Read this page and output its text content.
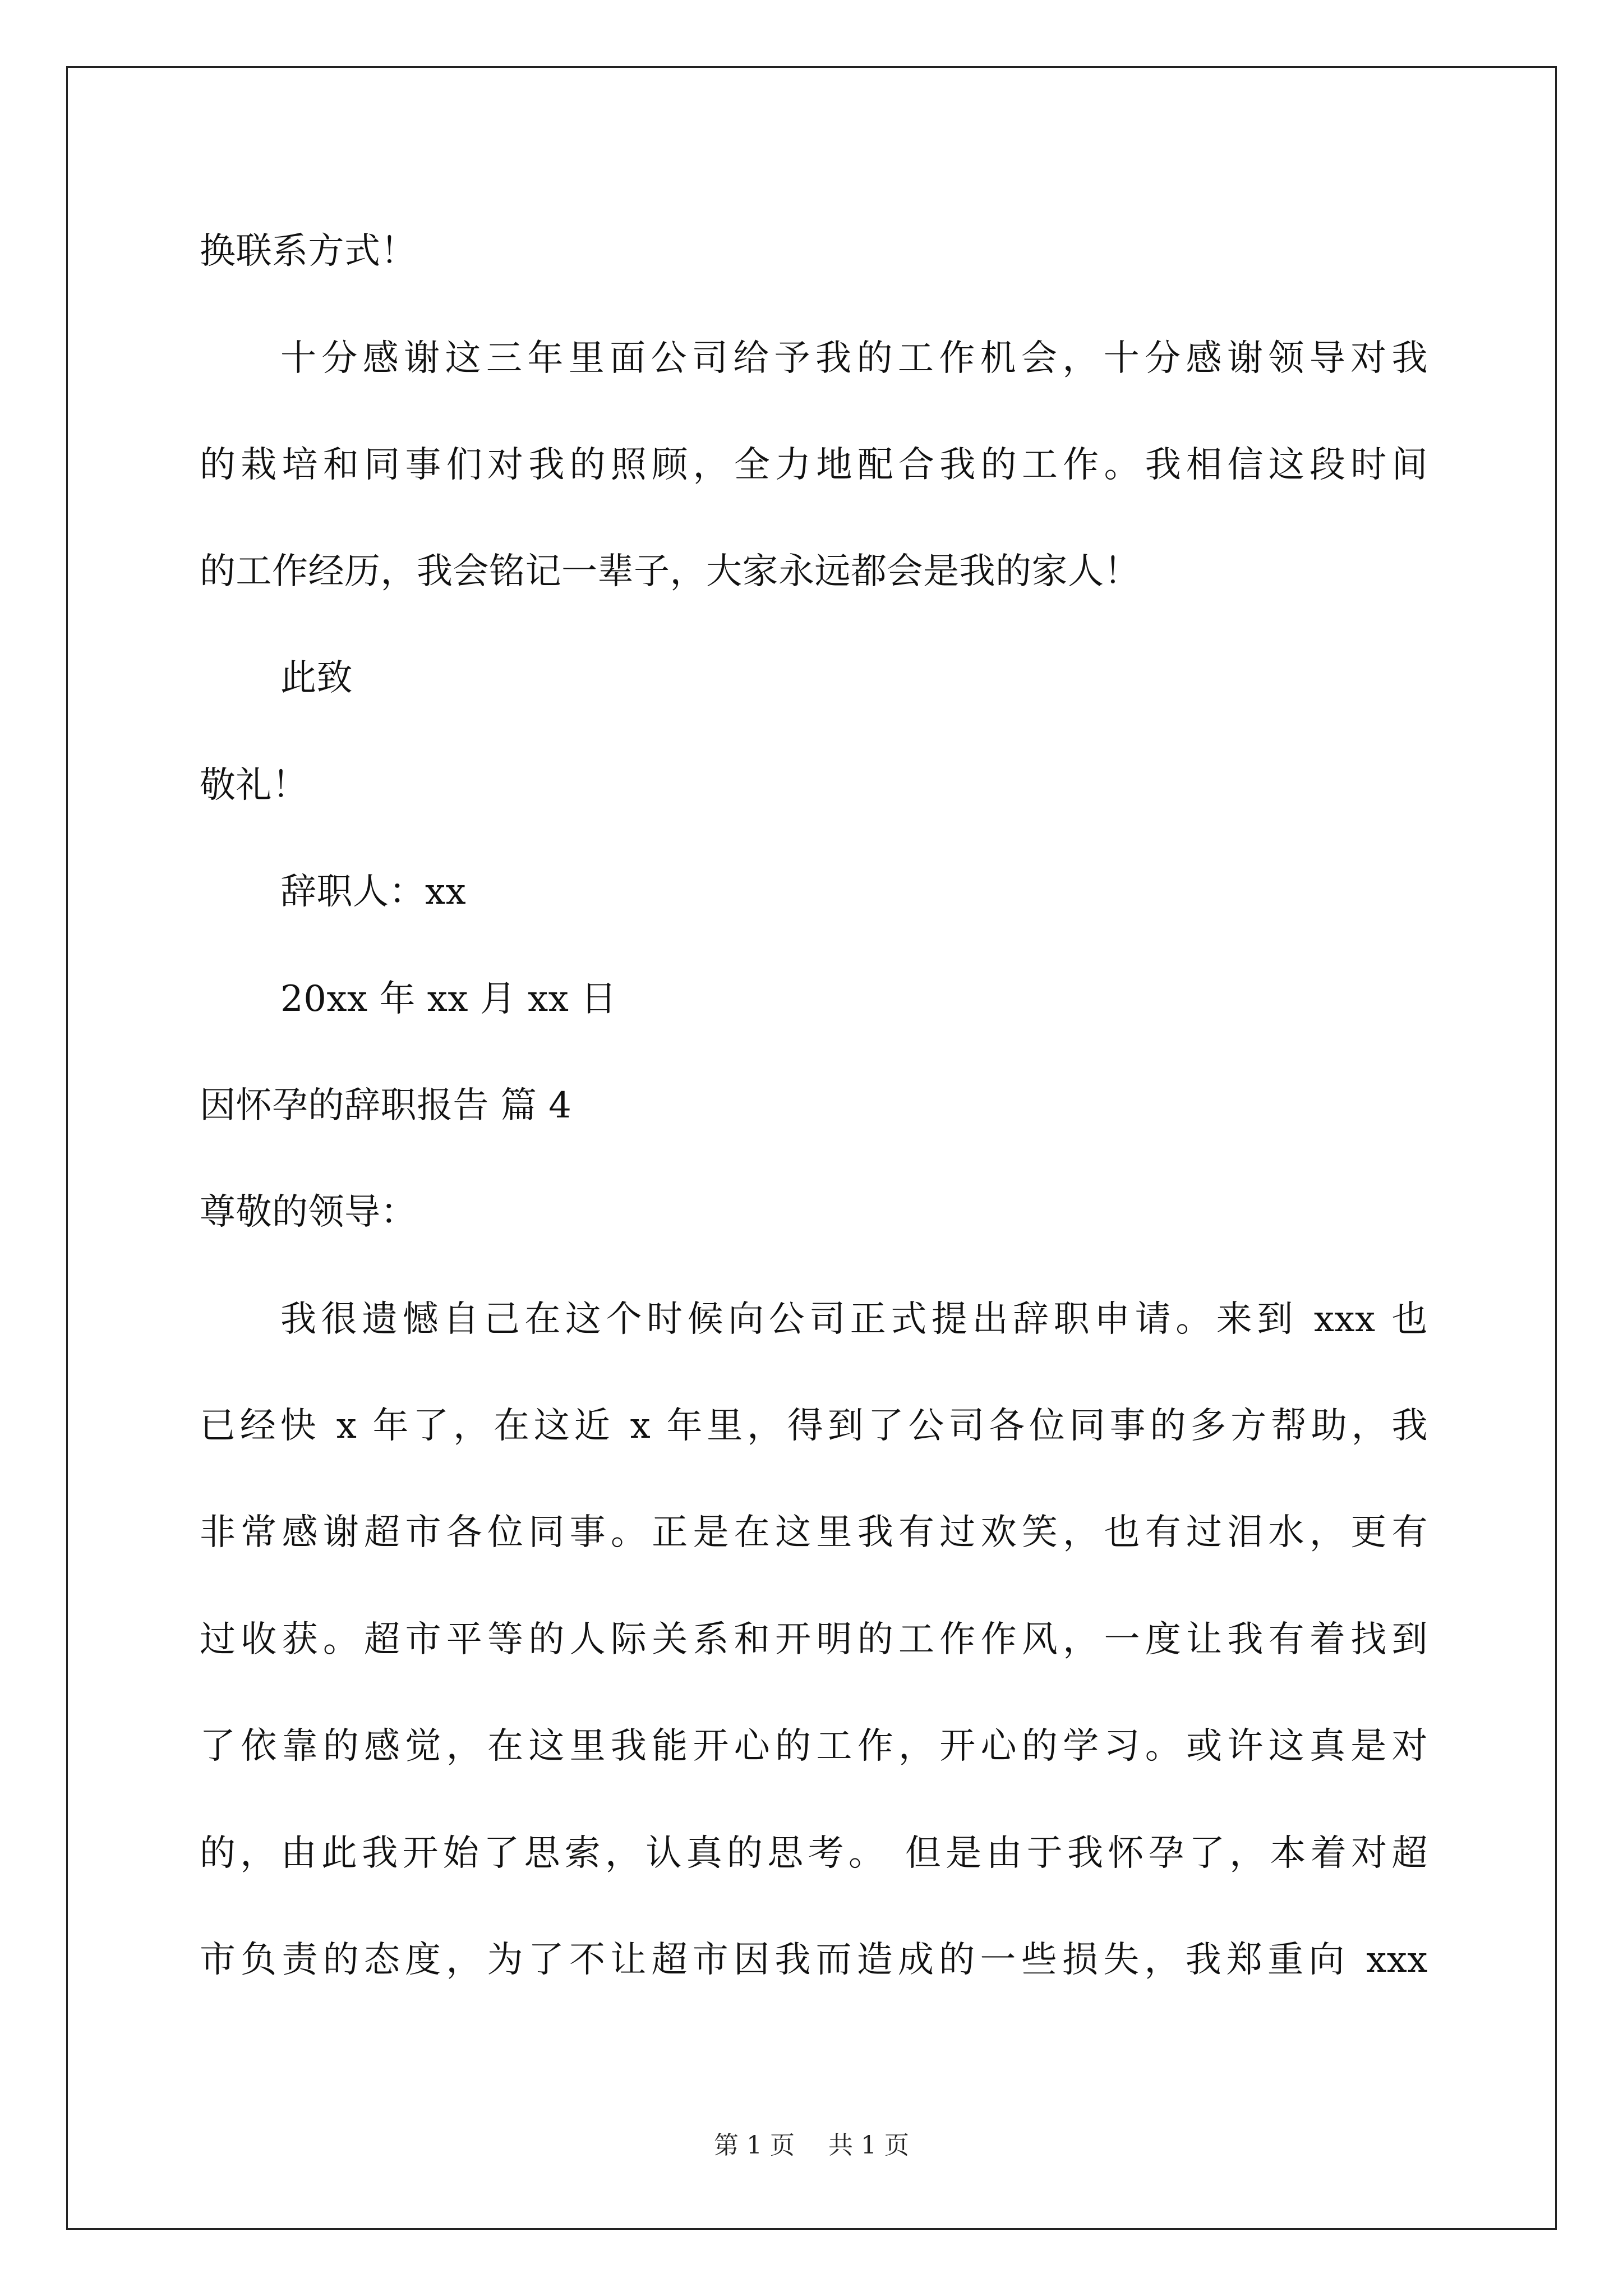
换联系方式！
十分感谢这三年里面公司给予我的工作机会，十分感谢领导对我
的栽培和同事们对我的照顾，全力地配合我的工作。我相信这段时间
的工作经历，我会铭记一辈子，大家永远都会是我的家人！
此致
敬礼！
辞职人：xx
20xx 年 xx 月 xx 日
因怀孕的辞职报告 篇 4
尊敬的领导：
我很遗憾自己在这个时候向公司正式提出辞职申请。来到 xxx 也
已经快 x 年了，在这近 x 年里，得到了公司各位同事的多方帮助，我
非常感谢超市各位同事。正是在这里我有过欢笑，也有过泪水，更有
过收获。超市平等的人际关系和开明的工作作风，一度让我有着找到
了依靠的感觉，在这里我能开心的工作，开心的学习。或许这真是对
的，由此我开始了思索，认真的思考。 但是由于我怀孕了，本着对超
市负责的态度，为了不让超市因我而造成的一些损失，我郑重向 xxx
第 1 页 共 1 页
